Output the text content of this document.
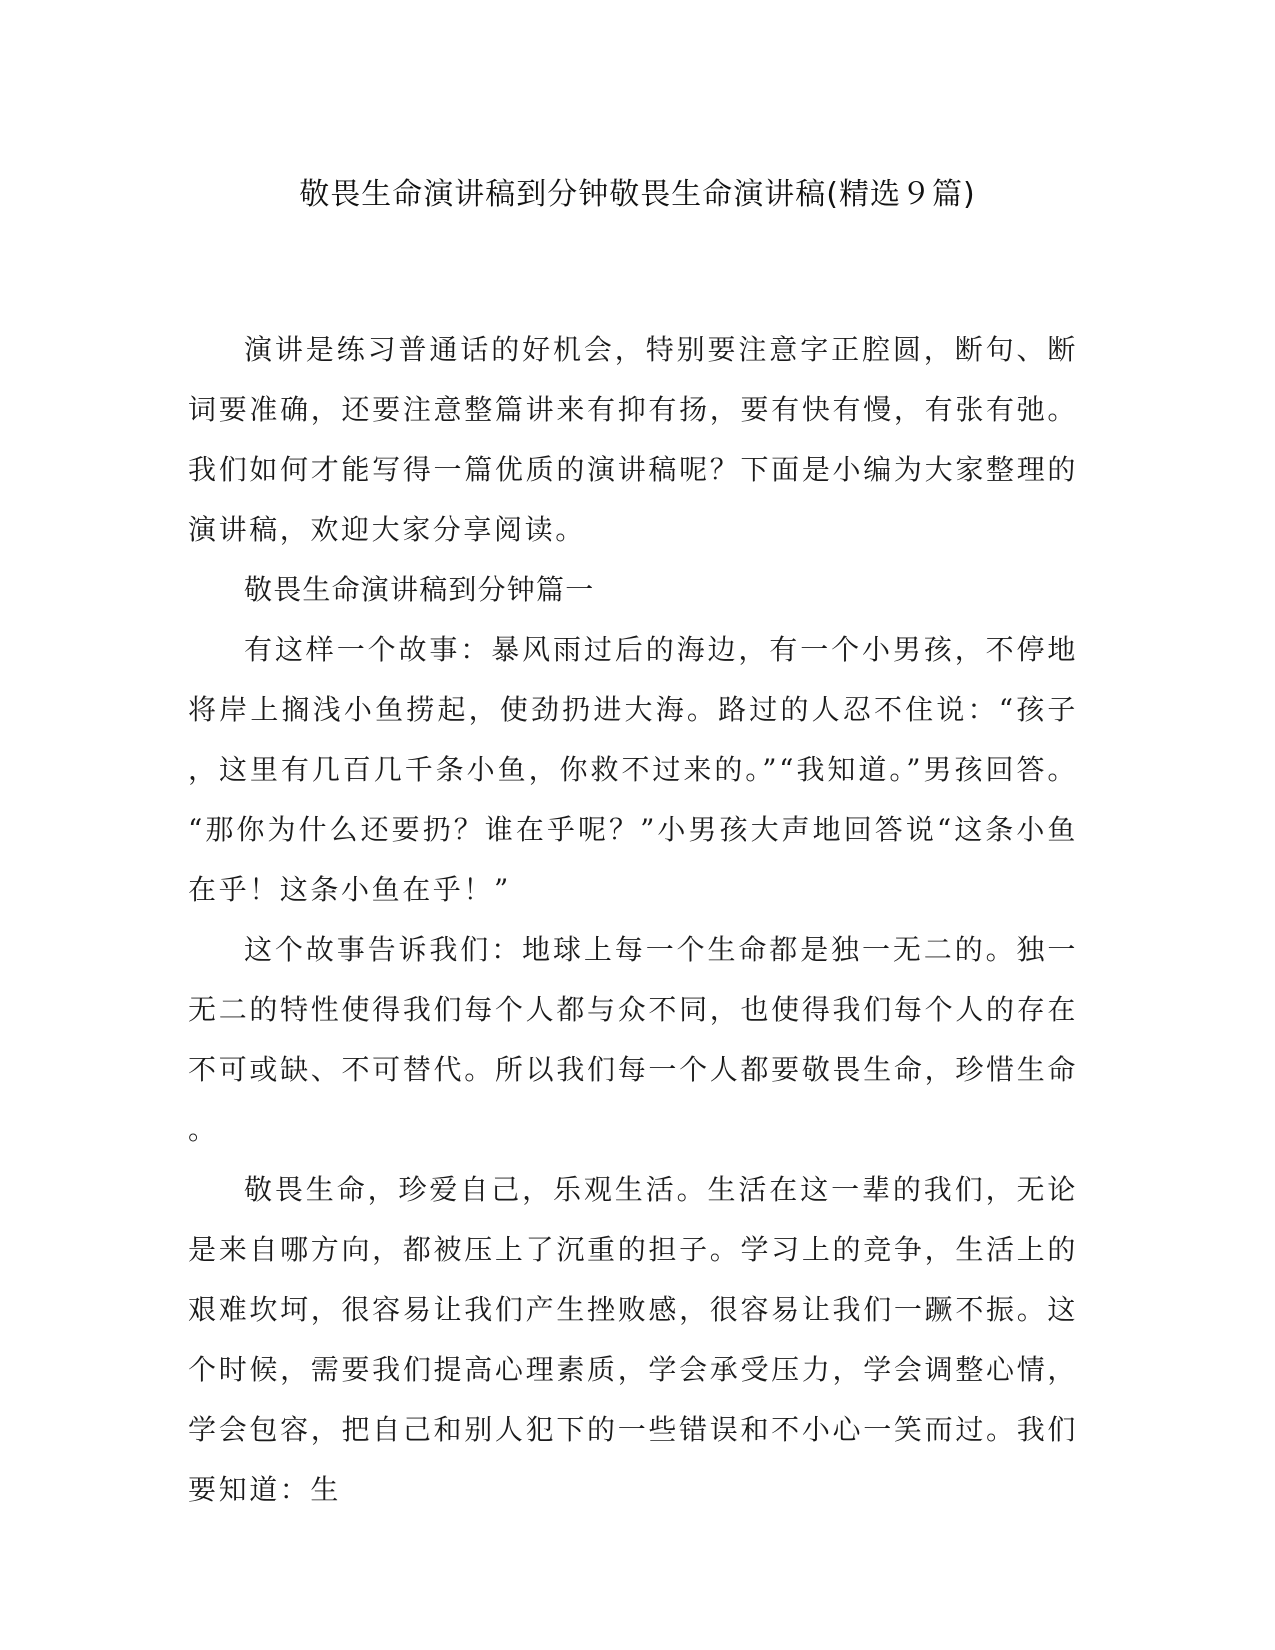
敬畏生命演讲稿到分钟敬畏生命演讲稿(精选９篇)

演讲是练习普通话的好机会，特别要注意字正腔圆，断句、断词要准确，还要注意整篇讲来有抑有扬，要有快有慢，有张有弛。我们如何才能写得一篇优质的演讲稿呢？下面是小编为大家整理的演讲稿，欢迎大家分享阅读。

敬畏生命演讲稿到分钟篇一

有这样一个故事：暴风雨过后的海边，有一个小男孩，不停地将岸上搁浅小鱼捞起，使劲扔进大海。路过的人忍不住说：“孩子，这里有几百几千条小鱼，你救不过来的。”“我知道。”男孩回答。“那你为什么还要扔？谁在乎呢？”小男孩大声地回答说“这条小鱼在乎！这条小鱼在乎！”

这个故事告诉我们：地球上每一个生命都是独一无二的。独一无二的特性使得我们每个人都与众不同，也使得我们每个人的存在不可或缺、不可替代。所以我们每一个人都要敬畏生命，珍惜生命。

敬畏生命，珍爱自己，乐观生活。生活在这一辈的我们，无论是来自哪方向，都被压上了沉重的担子。学习上的竞争，生活上的艰难坎坷，很容易让我们产生挫败感，很容易让我们一蹶不振。这个时候，需要我们提高心理素质，学会承受压力，学会调整心情，学会包容，把自己和别人犯下的一些错误和不小心一笑而过。我们要知道：生
